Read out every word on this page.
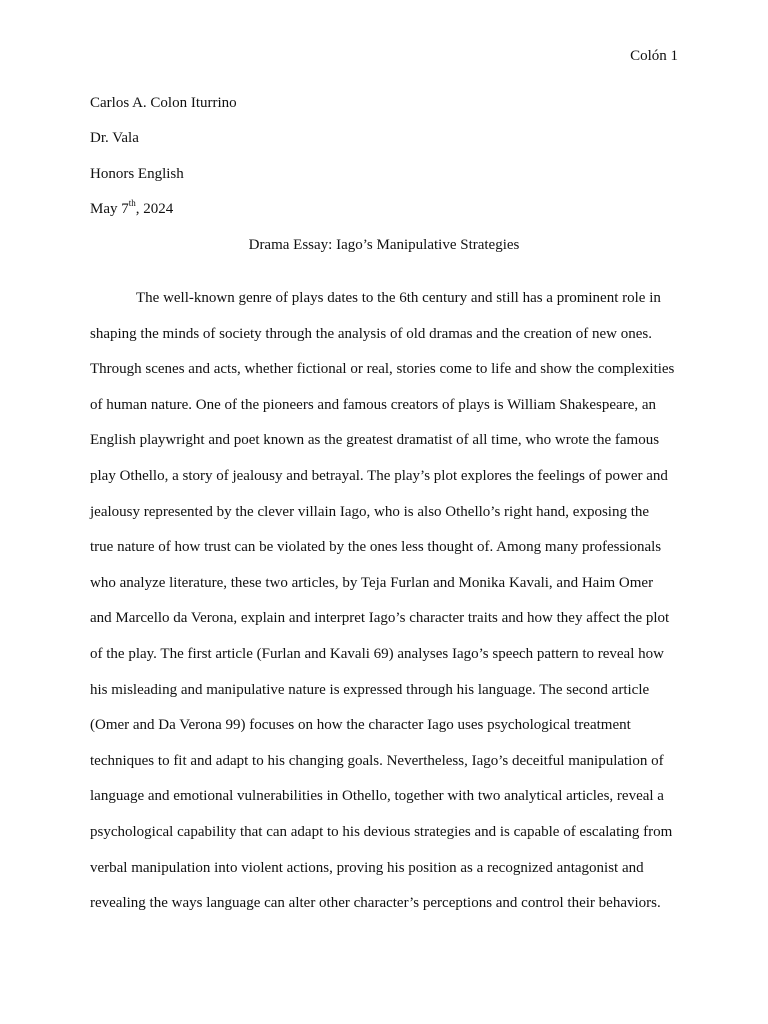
Colón 1
Carlos A. Colon Iturrino
Dr. Vala
Honors English
May 7th, 2024
Drama Essay: Iago’s Manipulative Strategies
The well-known genre of plays dates to the 6th century and still has a prominent role in
shaping the minds of society through the analysis of old dramas and the creation of new ones.
Through scenes and acts, whether fictional or real, stories come to life and show the complexities
of human nature. One of the pioneers and famous creators of plays is William Shakespeare, an
English playwright and poet known as the greatest dramatist of all time, who wrote the famous
play Othello, a story of jealousy and betrayal. The play’s plot explores the feelings of power and
jealousy represented by the clever villain Iago, who is also Othello’s right hand, exposing the
true nature of how trust can be violated by the ones less thought of. Among many professionals
who analyze literature, these two articles, by Teja Furlan and Monika Kavali, and Haim Omer
and Marcello da Verona, explain and interpret Iago’s character traits and how they affect the plot
of the play. The first article (Furlan and Kavali 69) analyses Iago’s speech pattern to reveal how
his misleading and manipulative nature is expressed through his language. The second article
(Omer and Da Verona 99) focuses on how the character Iago uses psychological treatment
techniques to fit and adapt to his changing goals. Nevertheless, Iago’s deceitful manipulation of
language and emotional vulnerabilities in Othello, together with two analytical articles, reveal a
psychological capability that can adapt to his devious strategies and is capable of escalating from
verbal manipulation into violent actions, proving his position as a recognized antagonist and
revealing the ways language can alter other character’s perceptions and control their behaviors.
